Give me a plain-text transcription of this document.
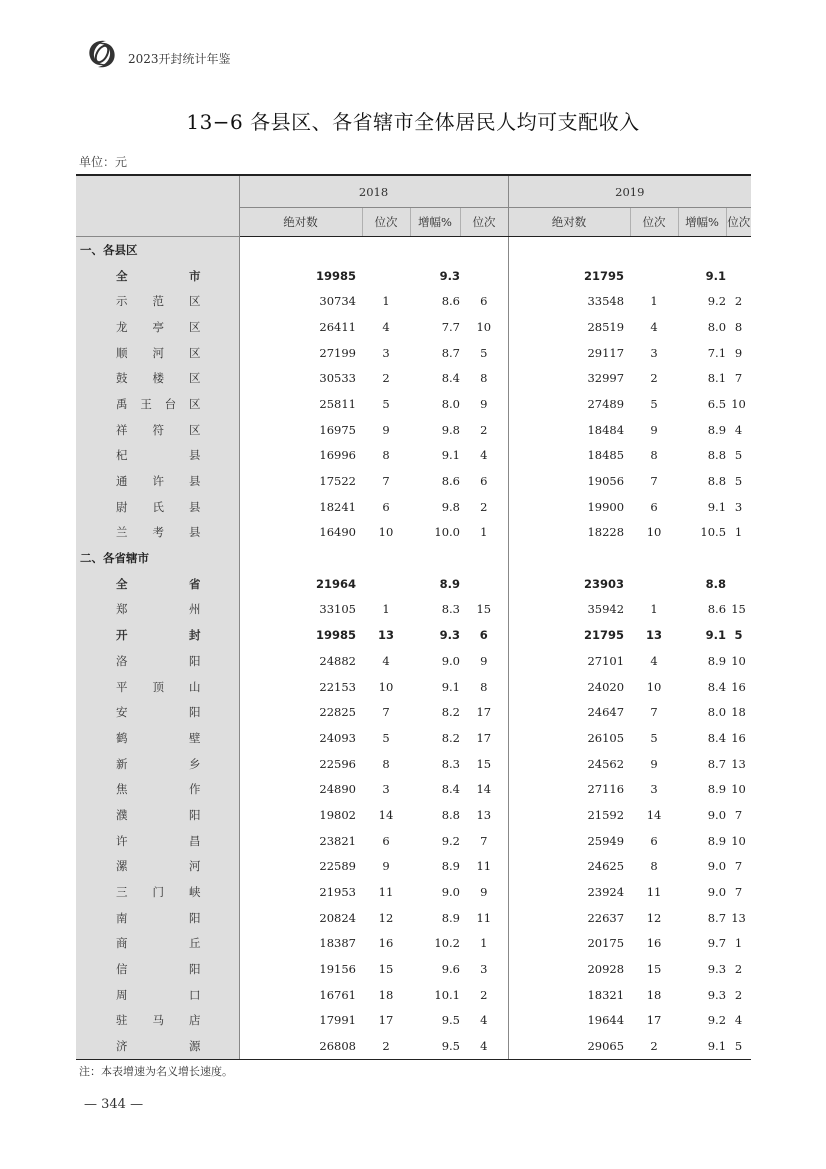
2023开封统计年鉴
13−6 各县区、各省辖市全体居民人均可支配收入
单位：元
	2018				2019			
	绝对数	位次	增幅%	位次	绝对数	位次	增幅%	位次
一、各县区								

全 市	19985		9.3		21795		9.1	

示 范 区	30734	1	8.6	6	33548	1	9.2	2

龙 亭 区	26411	4	7.7	10	28519	4	8.0	8

顺 河 区	27199	3	8.7	5	29117	3	7.1	9

鼓 楼 区	30533	2	8.4	8	32997	2	8.1	7

禹 王 台 区	25811	5	8.0	9	27489	5	6.5	10

祥 符 区	16975	9	9.8	2	18484	9	8.9	4

杞 县	16996	8	9.1	4	18485	8	8.8	5

通 许 县	17522	7	8.6	6	19056	7	8.8	5

尉 氏 县	18241	6	9.8	2	19900	6	9.1	3

兰 考 县	16490	10	10.0	1	18228	10	10.5	1
二、各省辖市								

全 省	21964		8.9		23903		8.8	

郑 州	33105	1	8.3	15	35942	1	8.6	15

开 封	19985	13	9.3	6	21795	13	9.1	5

洛 阳	24882	4	9.0	9	27101	4	8.9	10

平 顶 山	22153	10	9.1	8	24020	10	8.4	16

安 阳	22825	7	8.2	17	24647	7	8.0	18

鹤 壁	24093	5	8.2	17	26105	5	8.4	16

新 乡	22596	8	8.3	15	24562	9	8.7	13

焦 作	24890	3	8.4	14	27116	3	8.9	10

濮 阳	19802	14	8.8	13	21592	14	9.0	7

许 昌	23821	6	9.2	7	25949	6	8.9	10

漯 河	22589	9	8.9	11	24625	8	9.0	7

三 门 峡	21953	11	9.0	9	23924	11	9.0	7

南 阳	20824	12	8.9	11	22637	12	8.7	13

商 丘	18387	16	10.2	1	20175	16	9.7	1

信 阳	19156	15	9.6	3	20928	15	9.3	2

周 口	16761	18	10.1	2	18321	18	9.3	2

驻 马 店	17991	17	9.5	4	19644	17	9.2	4

济 源	26808	2	9.5	4	29065	2	9.1	5
注：本表增速为名义增长速度。
— 344 —
